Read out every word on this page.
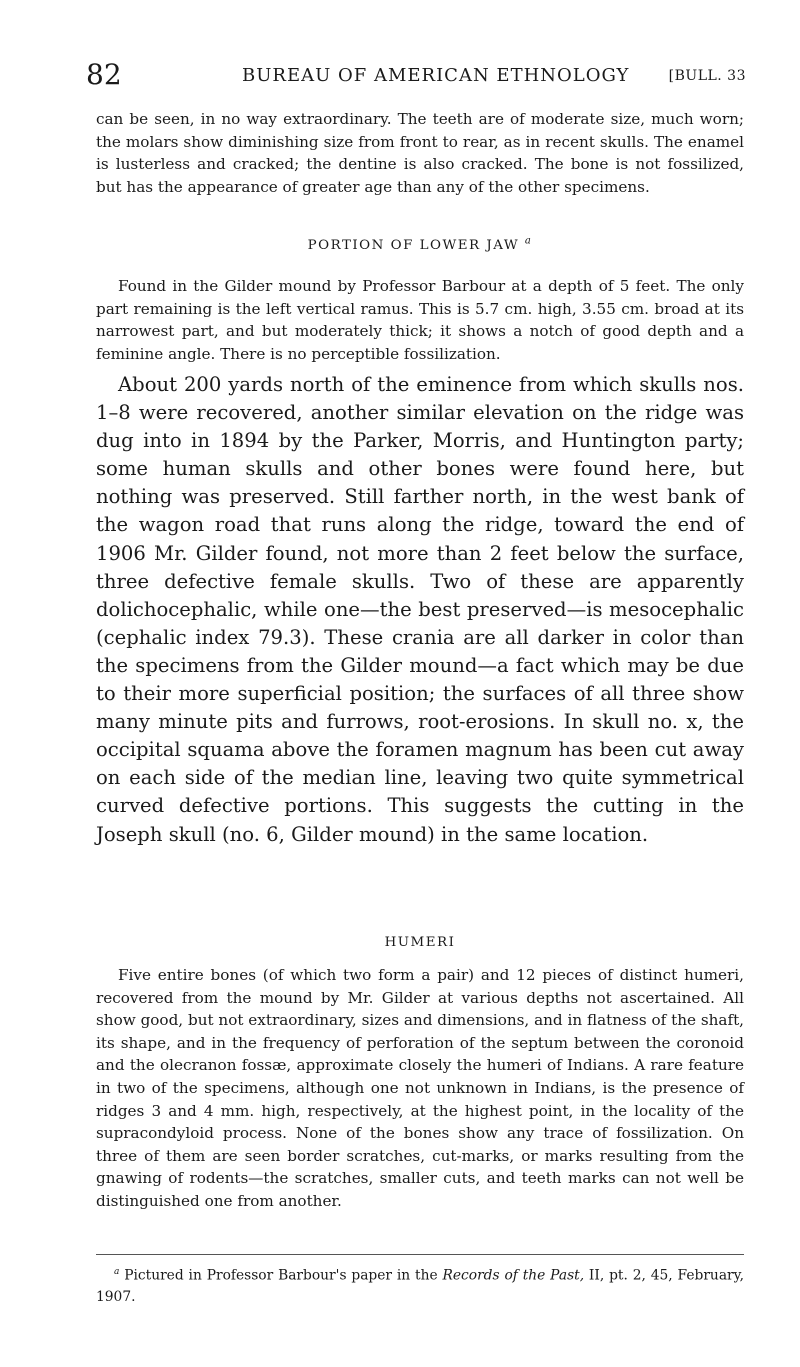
82	BUREAU OF AMERICAN ETHNOLOGY	[BULL. 33

can be seen, in no way extraordinary. The teeth are of moderate size, much worn; the molars show diminishing size from front to rear, as in recent skulls. The enamel is lusterless and cracked; the dentine is also cracked. The bone is not fossilized, but has the appearance of greater age than any of the other specimens.

PORTION OF LOWER JAW $^a$

Found in the Gilder mound by Professor Barbour at a depth of 5 feet. The only part remaining is the left vertical ramus. This is 5.7 cm. high, 3.55 cm. broad at its narrowest part, and but moderately thick; it shows a notch of good depth and a feminine angle. There is no perceptible fossilization.

About 200 yards north of the eminence from which skulls nos. 1–8 were recovered, another similar elevation on the ridge was dug into in 1894 by the Parker, Morris, and Huntington party; some human skulls and other bones were found here, but nothing was preserved. Still farther north, in the west bank of the wagon road that runs along the ridge, toward the end of 1906 Mr. Gilder found, not more than 2 feet below the surface, three defective female skulls. Two of these are apparently dolichocephalic, while one—the best preserved—is mesocephalic (cephalic index 79.3). These crania are all darker in color than the specimens from the Gilder mound—a fact which may be due to their more superficial position; the surfaces of all three show many minute pits and furrows, root-erosions. In skull no. x, the occipital squama above the foramen magnum has been cut away on each side of the median line, leaving two quite symmetrical curved defective portions. This suggests the cutting in the Joseph skull (no. 6, Gilder mound) in the same location.

HUMERI

Five entire bones (of which two form a pair) and 12 pieces of distinct humeri, recovered from the mound by Mr. Gilder at various depths not ascertained. All show good, but not extraordinary, sizes and dimensions, and in flatness of the shaft, its shape, and in the frequency of perforation of the septum between the coronoid and the olecranon fossæ, approximate closely the humeri of Indians. A rare feature in two of the specimens, although one not unknown in Indians, is the presence of ridges 3 and 4 mm. high, respectively, at the highest point, in the locality of the supracondyloid process. None of the bones show any trace of fossilization. On three of them are seen border scratches, cut-marks, or marks resulting from the gnawing of rodents—the scratches, smaller cuts, and teeth marks can not well be distinguished one from another.

$^a$ Pictured in Professor Barbour's paper in the Records of the Past, II, pt. 2, 45, February, 1907.
